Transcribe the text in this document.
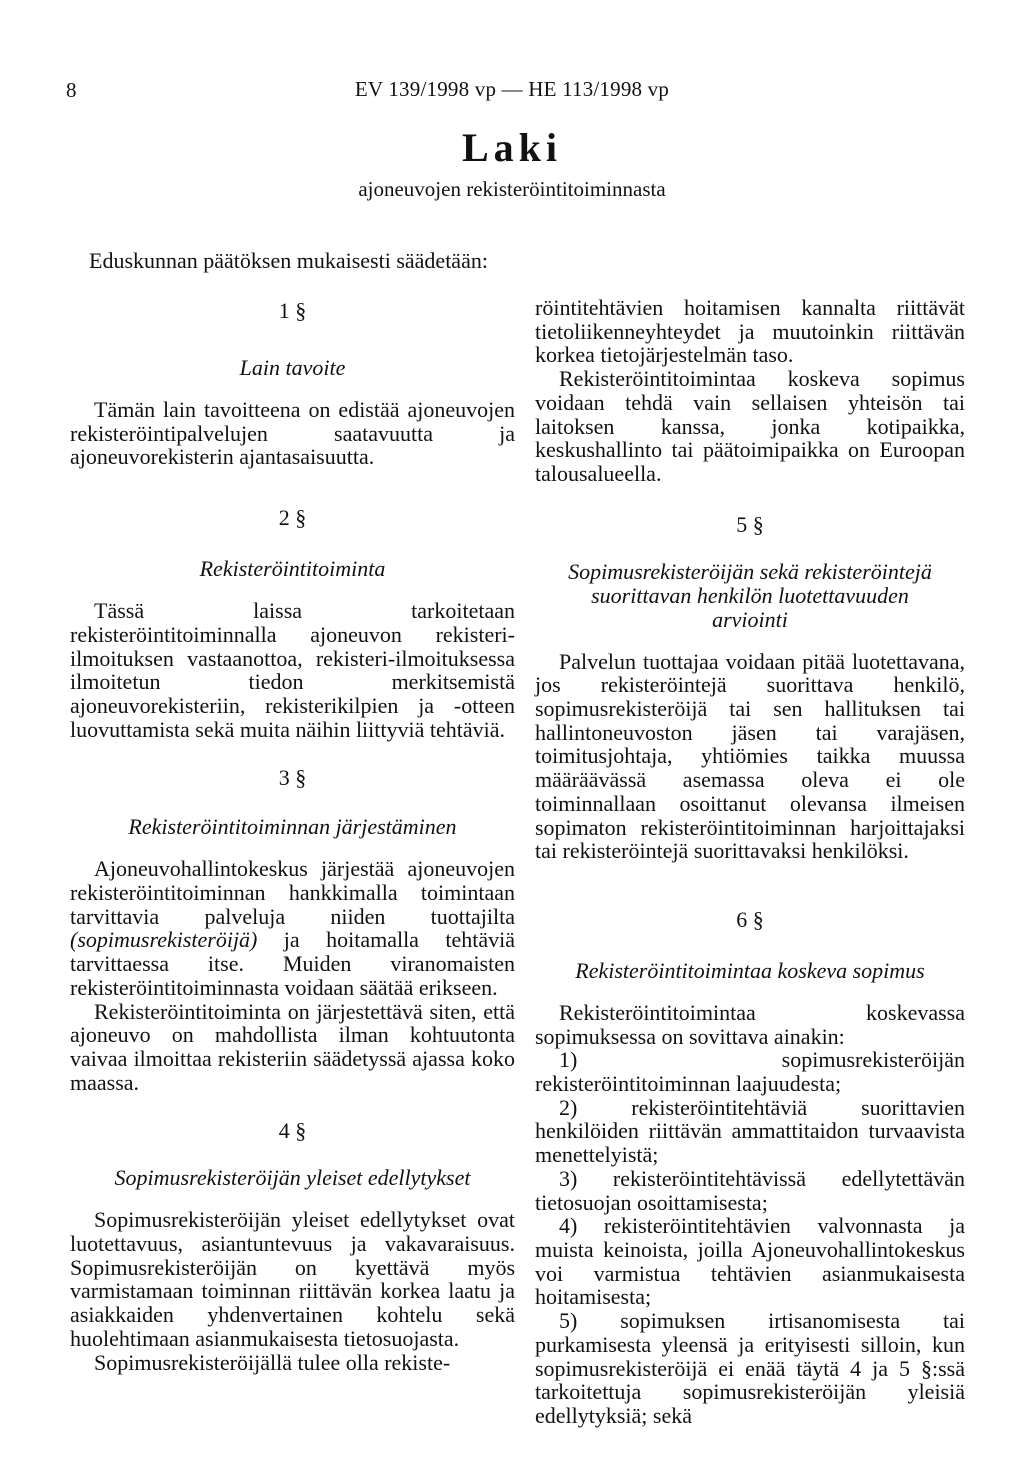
8	EV 139/1998 vp — HE 113/1998 vp
Laki
ajoneuvojen rekisteröintitoiminnasta
Eduskunnan päätöksen mukaisesti säädetään:
1 §
Lain tavoite

Tämän lain tavoitteena on edistää ajoneuvojen rekisteröintipalvelujen saatavuutta ja ajoneuvorekisterin ajantasaisuutta.

2 §
Rekisteröintitoiminta

Tässä laissa tarkoitetaan rekisteröintitoiminnalla ajoneuvon rekisteri-ilmoituksen vastaanottoa, rekisteri-ilmoituksessa ilmoitetun tiedon merkitsemistä ajoneuvorekisteriin, rekisterikilpien ja -otteen luovuttamista sekä muita näihin liittyviä tehtäviä.

3 §
Rekisteröintitoiminnan järjestäminen

Ajoneuvohallintokeskus järjestää ajoneuvojen rekisteröintitoiminnan hankkimalla toimintaan tarvittavia palveluja niiden tuottajilta (sopimusrekisteröijä) ja hoitamalla tehtäviä tarvittaessa itse. Muiden viranomaisten rekisteröintitoiminnasta voidaan säätää erikseen.

Rekisteröintitoiminta on järjestettävä siten, että ajoneuvo on mahdollista ilman kohtuutonta vaivaa ilmoittaa rekisteriin säädetyssä ajassa koko maassa.

4 §
Sopimusrekisteröijän yleiset edellytykset

Sopimusrekisteröijän yleiset edellytykset ovat luotettavuus, asiantuntevuus ja vakavaraisuus. Sopimusrekisteröijän on kyettävä myös varmistamaan toiminnan riittävän korkea laatu ja asiakkaiden yhdenvertainen kohtelu sekä huolehtimaan asianmukaisesta tietosuojasta.

Sopimusrekisteröijällä tulee olla rekiste-

röintitehtävien hoitamisen kannalta riittävät tietoliikenneyhteydet ja muutoinkin riittävän korkea tietojärjestelmän taso.

Rekisteröintitoimintaa koskeva sopimus voidaan tehdä vain sellaisen yhteisön tai laitoksen kanssa, jonka kotipaikka, keskushallinto tai päätoimipaikka on Euroopan talousalueella.

5 §
Sopimusrekisteröijän sekä rekisteröintejä
suorittavan henkilön luotettavuuden
arviointi

Palvelun tuottajaa voidaan pitää luotettavana, jos rekisteröintejä suorittava henkilö, sopimusrekisteröijä tai sen hallituksen tai hallintoneuvoston jäsen tai varajäsen, toimitusjohtaja, yhtiömies taikka muussa määräävässä asemassa oleva ei ole toiminnallaan osoittanut olevansa ilmeisen sopimaton rekisteröintitoiminnan harjoittajaksi tai rekisteröintejä suorittavaksi henkilöksi.

6 §
Rekisteröintitoimintaa koskeva sopimus

Rekisteröintitoimintaa koskevassa sopimuksessa on sovittava ainakin:

1) sopimusrekisteröijän rekisteröintitoiminnan laajuudesta;

2) rekisteröintitehtäviä suorittavien henkilöiden riittävän ammattitaidon turvaavista menettelyistä;

3) rekisteröintitehtävissä edellytettävän tietosuojan osoittamisesta;

4) rekisteröintitehtävien valvonnasta ja muista keinoista, joilla Ajoneuvohallintokeskus voi varmistua tehtävien asianmukaisesta hoitamisesta;

5) sopimuksen irtisanomisesta tai purkamisesta yleensä ja erityisesti silloin, kun sopimusrekisteröijä ei enää täytä 4 ja 5 §:ssä tarkoitettuja sopimusrekisteröijän yleisiä edellytyksiä; sekä
